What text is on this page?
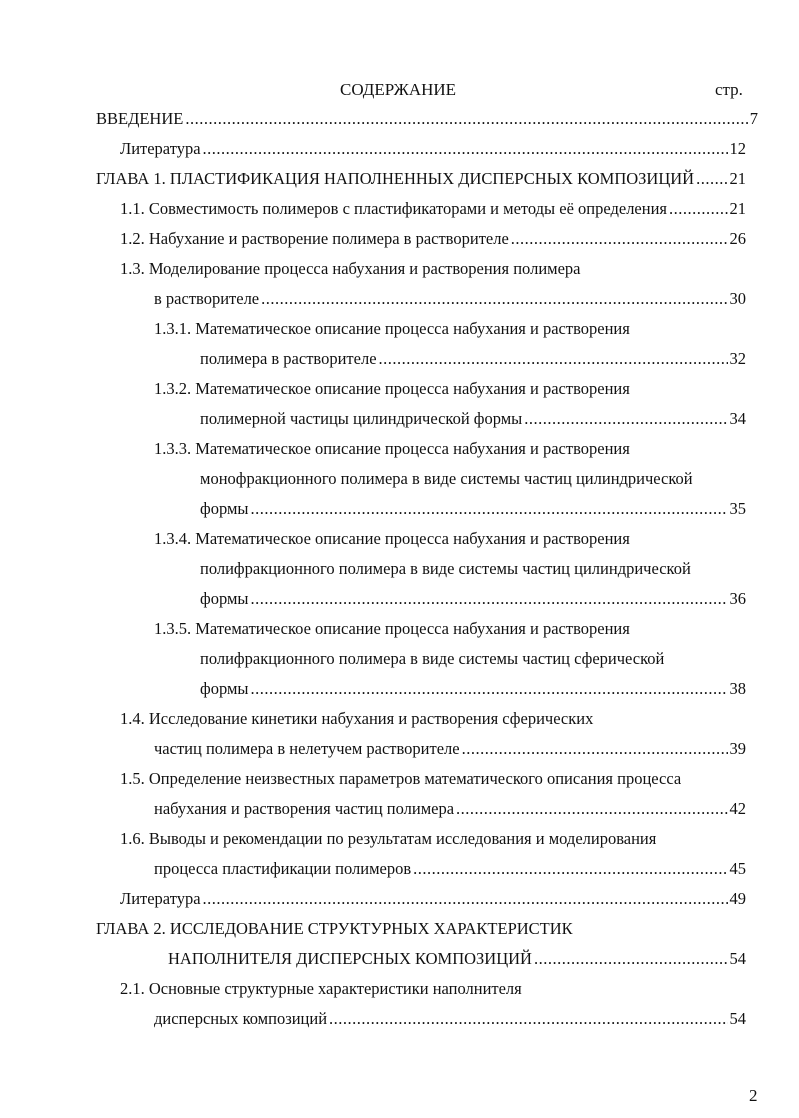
СОДЕРЖАНИЕ	стр.
ВВЕДЕНИЕ .....	7
Литература .....	12
ГЛАВА 1. ПЛАСТИФИКАЦИЯ НАПОЛНЕННЫХ ДИСПЕРСНЫХ КОМПОЗИЦИЙ ..... 21
1.1. Совместимость полимеров с пластификаторами и методы её определения .....	21
1.2. Набухание и растворение полимера в растворителе .....	26
1.3. Моделирование процесса набухания и растворения полимера
в растворителе .....	30
1.3.1. Математическое описание процесса набухания и растворения
полимера в растворителе .....	32
1.3.2. Математическое описание процесса набухания и растворения
полимерной частицы цилиндрической формы .....	34
1.3.3. Математическое описание процесса набухания и растворения
монофракционного полимера в виде системы частиц цилиндрической
формы .....	35
1.3.4. Математическое описание процесса набухания и растворения
полифракционного полимера в виде системы частиц цилиндрической
формы .....	36
1.3.5. Математическое описание процесса набухания и растворения
полифракционного полимера в виде системы частиц сферической
формы .....	38
1.4. Исследование кинетики набухания и растворения сферических
частиц полимера в нелетучем растворителе .....	39
1.5. Определение неизвестных параметров математического описания процесса
набухания и растворения частиц полимера .....	42
1.6. Выводы и рекомендации по результатам исследования и моделирования
процесса пластификации полимеров .....	45
Литература .....	49
ГЛАВА 2. ИССЛЕДОВАНИЕ СТРУКТУРНЫХ ХАРАКТЕРИСТИК
НАПОЛНИТЕЛЯ ДИСПЕРСНЫХ КОМПОЗИЦИЙ .....	54
2.1. Основные структурные характеристики наполнителя
дисперсных композиций .....	54
2
